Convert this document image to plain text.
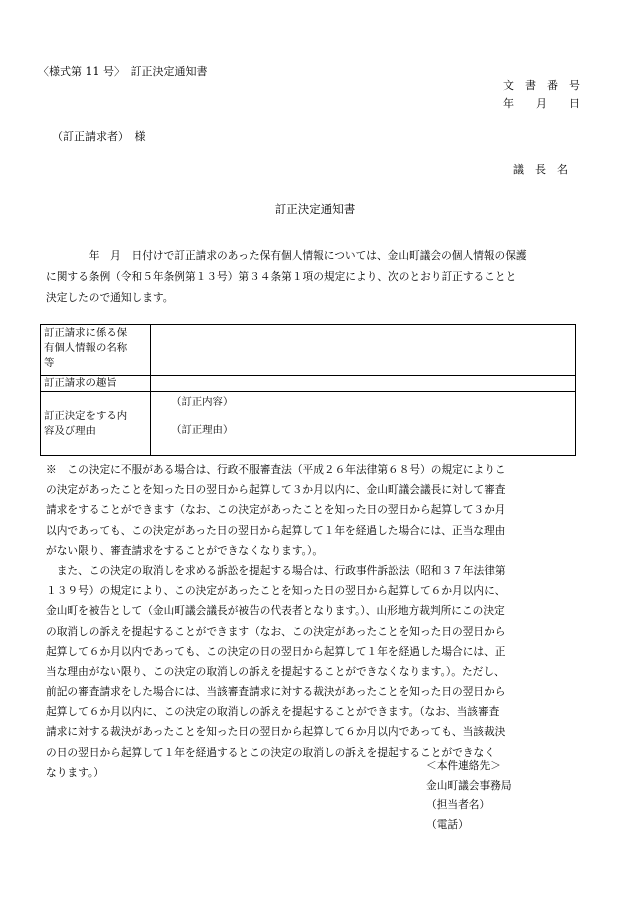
〈様式第 11 号〉　訂正決定通知書
文　書　番　号
年　　月　　日
（訂正請求者）　様
議　長　名
訂正決定通知書
　　　　年　月　日付けで訂正請求のあった保有個人情報については、金山町議会の個人情報の保護
に関する条例（令和５年条例第１３号）第３４条第１項の規定により、次のとおり訂正することと
決定したので通知します。
訂正請求に係る保
有個人情報の名称
等	

訂正請求の趣旨	

訂正決定をする内
容及び理由	（訂正内容）
（訂正理由）
※　この決定に不服がある場合は、行政不服審査法（平成２６年法律第６８号）の規定によりこ
の決定があったことを知った日の翌日から起算して３か月以内に、金山町議会議長に対して審査
請求をすることができます（なお、この決定があったことを知った日の翌日から起算して３か月
以内であっても、この決定があった日の翌日から起算して１年を経過した場合には、正当な理由
がない限り、審査請求をすることができなくなります。）。
　また、この決定の取消しを求める訴訟を提起する場合は、行政事件訴訟法（昭和３７年法律第
１３９号）の規定により、この決定があったことを知った日の翌日から起算して６か月以内に、
金山町を被告として（金山町議会議長が被告の代表者となります。）、山形地方裁判所にこの決定
の取消しの訴えを提起することができます（なお、この決定があったことを知った日の翌日から
起算して６か月以内であっても、この決定の日の翌日から起算して１年を経過した場合には、正
当な理由がない限り、この決定の取消しの訴えを提起することができなくなります。）。ただし、
前記の審査請求をした場合には、当該審査請求に対する裁決があったことを知った日の翌日から
起算して６か月以内に、この決定の取消しの訴えを提起することができます。（なお、当該審査
請求に対する裁決があったことを知った日の翌日から起算して６か月以内であっても、当該裁決
の日の翌日から起算して１年を経過するとこの決定の取消しの訴えを提起することができなく
なります。）
＜本件連絡先＞
金山町議会事務局
（担当者名）
（電話）
